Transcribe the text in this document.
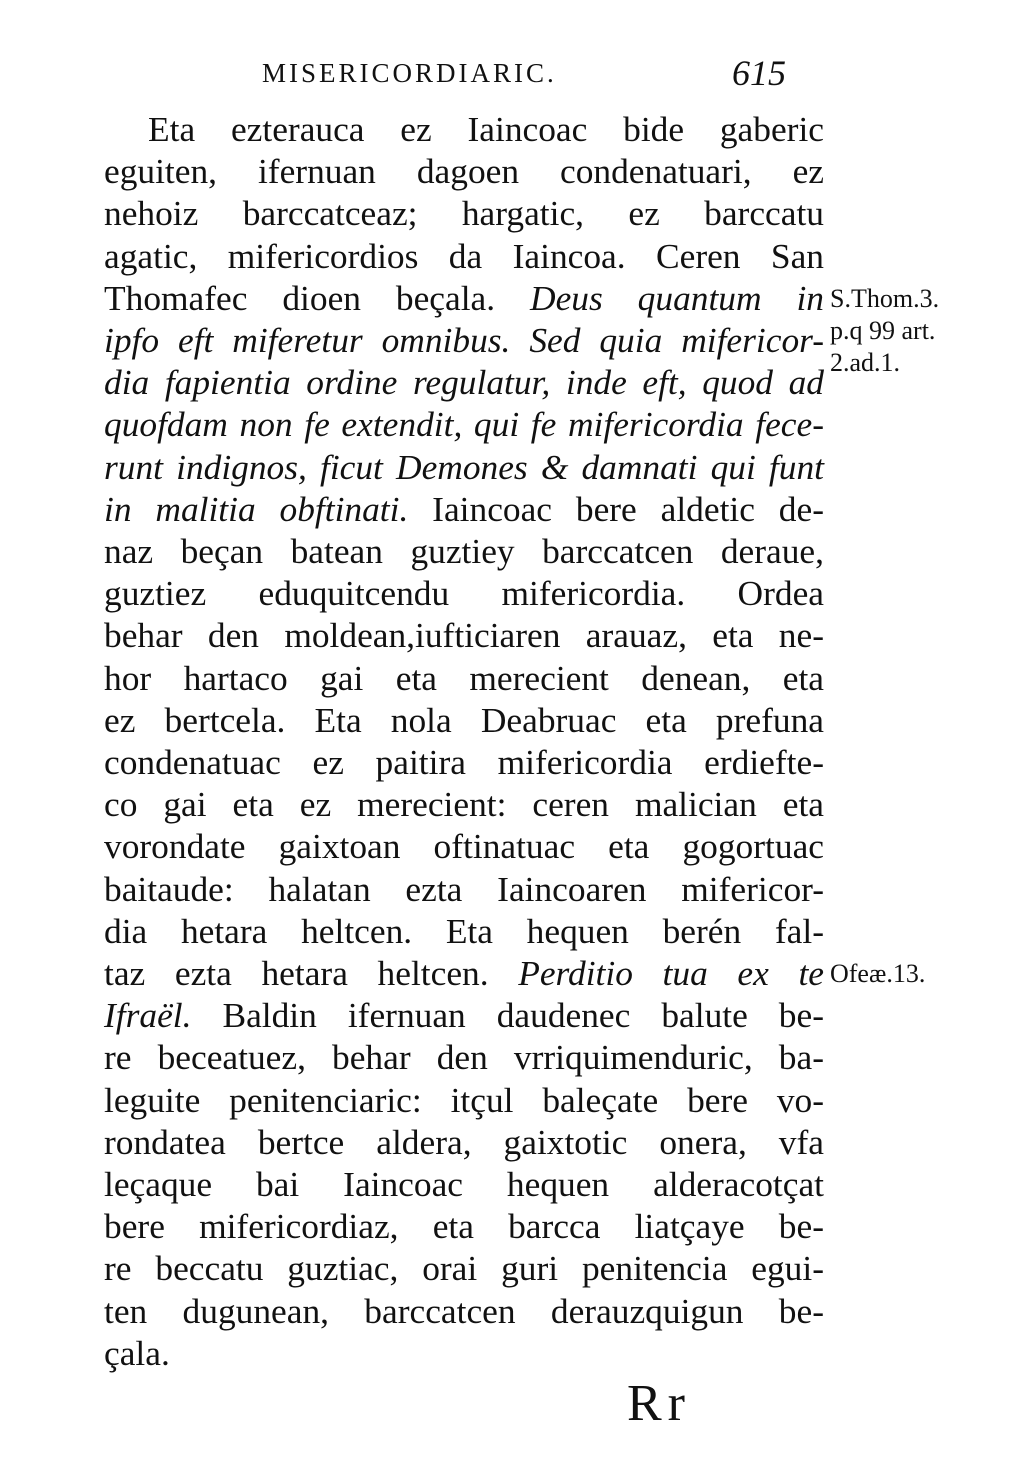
MISERICORDIARIC.	615
Eta ezterauca ez Iaincoac bide gaberic
eguiten, ifernuan dagoen condenatuari, ez
nehoiz barccatceaz; hargatic, ez barccatu
agatic, mifericordios da Iaincoa. Ceren San
Thomafec dioen beçala. Deus quantum in
ipfo eft miferetur omnibus. Sed quia mifericor-
dia fapientia ordine regulatur, inde eft, quod ad
quofdam non fe extendit, qui fe mifericordia fece-
runt indignos, ficut Demones & damnati qui funt
in malitia obftinati. Iaincoac bere aldetic de-
naz beçan batean guztiey barccatcen deraue,
guztiez eduquitcendu mifericordia. Ordea
behar den moldean,iufticiaren arauaz, eta ne-
hor hartaco gai eta merecient denean, eta
ez bertcela. Eta nola Deabruac eta prefuna
condenatuac ez paitira mifericordia erdiefte-
co gai eta ez merecient: ceren malician eta
vorondate gaixtoan oftinatuac eta gogortuac
baitaude: halatan ezta Iaincoaren mifericor-
dia hetara heltcen. Eta hequen berén fal-
taz ezta hetara heltcen. Perditio tua ex te
Ifraël. Baldin ifernuan daudenec balute be-
re beceatuez, behar den vrriquimenduric, ba-
leguite penitenciaric: itçul baleçate bere vo-
rondatea bertce aldera, gaixtotic onera, vfa
leçaque bai Iaincoac hequen alderacotçat
bere mifericordiaz, eta barcca liatçaye be-
re beccatu guztiac, orai guri penitencia egui-
ten dugunean, barccatcen derauzquigun be-
çala.
S.Thom.3.
p.q 99 art.
2.ad.1.
Ofeæ.13.
Rr
